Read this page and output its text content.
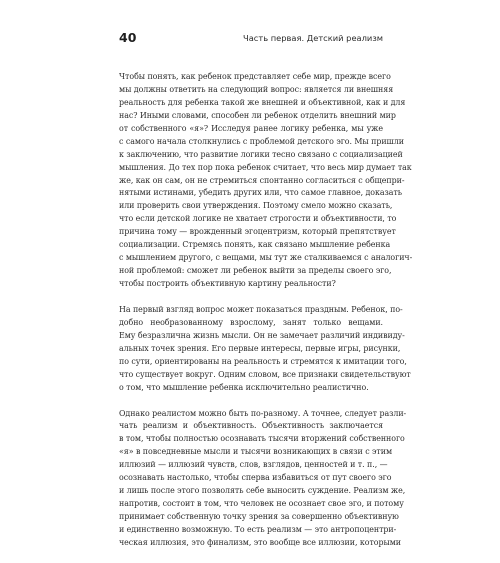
40	Часть первая. Детский реализм
Чтобы понять, как ребенок представляет себе мир, прежде всего
мы должны ответить на следующий вопрос: является ли внешняя
реальность для ребенка такой же внешней и объективной, как и для
нас? Иными словами, способен ли ребенок отделить внешний мир
от собственного «я»? Исследуя ранее логику ребенка, мы уже
с самого начала столкнулись с проблемой детского эго. Мы пришли
к заключению, что развитие логики тесно связано с социализацией
мышления. До тех пор пока ребенок считает, что весь мир думает так
же, как он сам, он не стремиться спонтанно согласиться с общепри-
нятыми истинами, убедить других или, что самое главное, доказать
или проверить свои утверждения. Поэтому смело можно сказать,
что если детской логике не хватает строгости и объективности, то
причина тому — врожденный эгоцентризм, который препятствует
социализации. Стремясь понять, как связано мышление ребенка
с мышлением другого, с вещами, мы тут же сталкиваемся с аналогич-
ной проблемой: сможет ли ребенок выйти за пределы своего эго,
чтобы построить объективную картину реальности?
На первый взгляд вопрос может показаться праздным. Ребенок, по-
добно необразованному взрослому, занят только вещами.
Ему безразлична жизнь мысли. Он не замечает различий индивиду-
альных точек зрения. Его первые интересы, первые игры, рисунки,
по сути, ориентированы на реальность и стремятся к имитации того,
что существует вокруг. Одним словом, все признаки свидетельствуют
о том, что мышление ребенка исключительно реалистично.
Однако реалистом можно быть по-разному. А точнее, следует разли-
чать реализм и объективность. Объективность заключается
в том, чтобы полностью осознавать тысячи вторжений собственного
«я» в повседневные мысли и тысячи возникающих в связи с этим
иллюзий — иллюзий чувств, слов, взглядов, ценностей и т. п., —
осознавать настолько, чтобы сперва избавиться от пут своего эго
и лишь после этого позволять себе выносить суждение. Реализм же,
напротив, состоит в том, что человек не осознает свое эго, и потому
принимает собственную точку зрения за совершенно объективную
и единственно возможную. То есть реализм — это антропоцентри-
ческая иллюзия, это финализм, это вообще все иллюзии, которыми
